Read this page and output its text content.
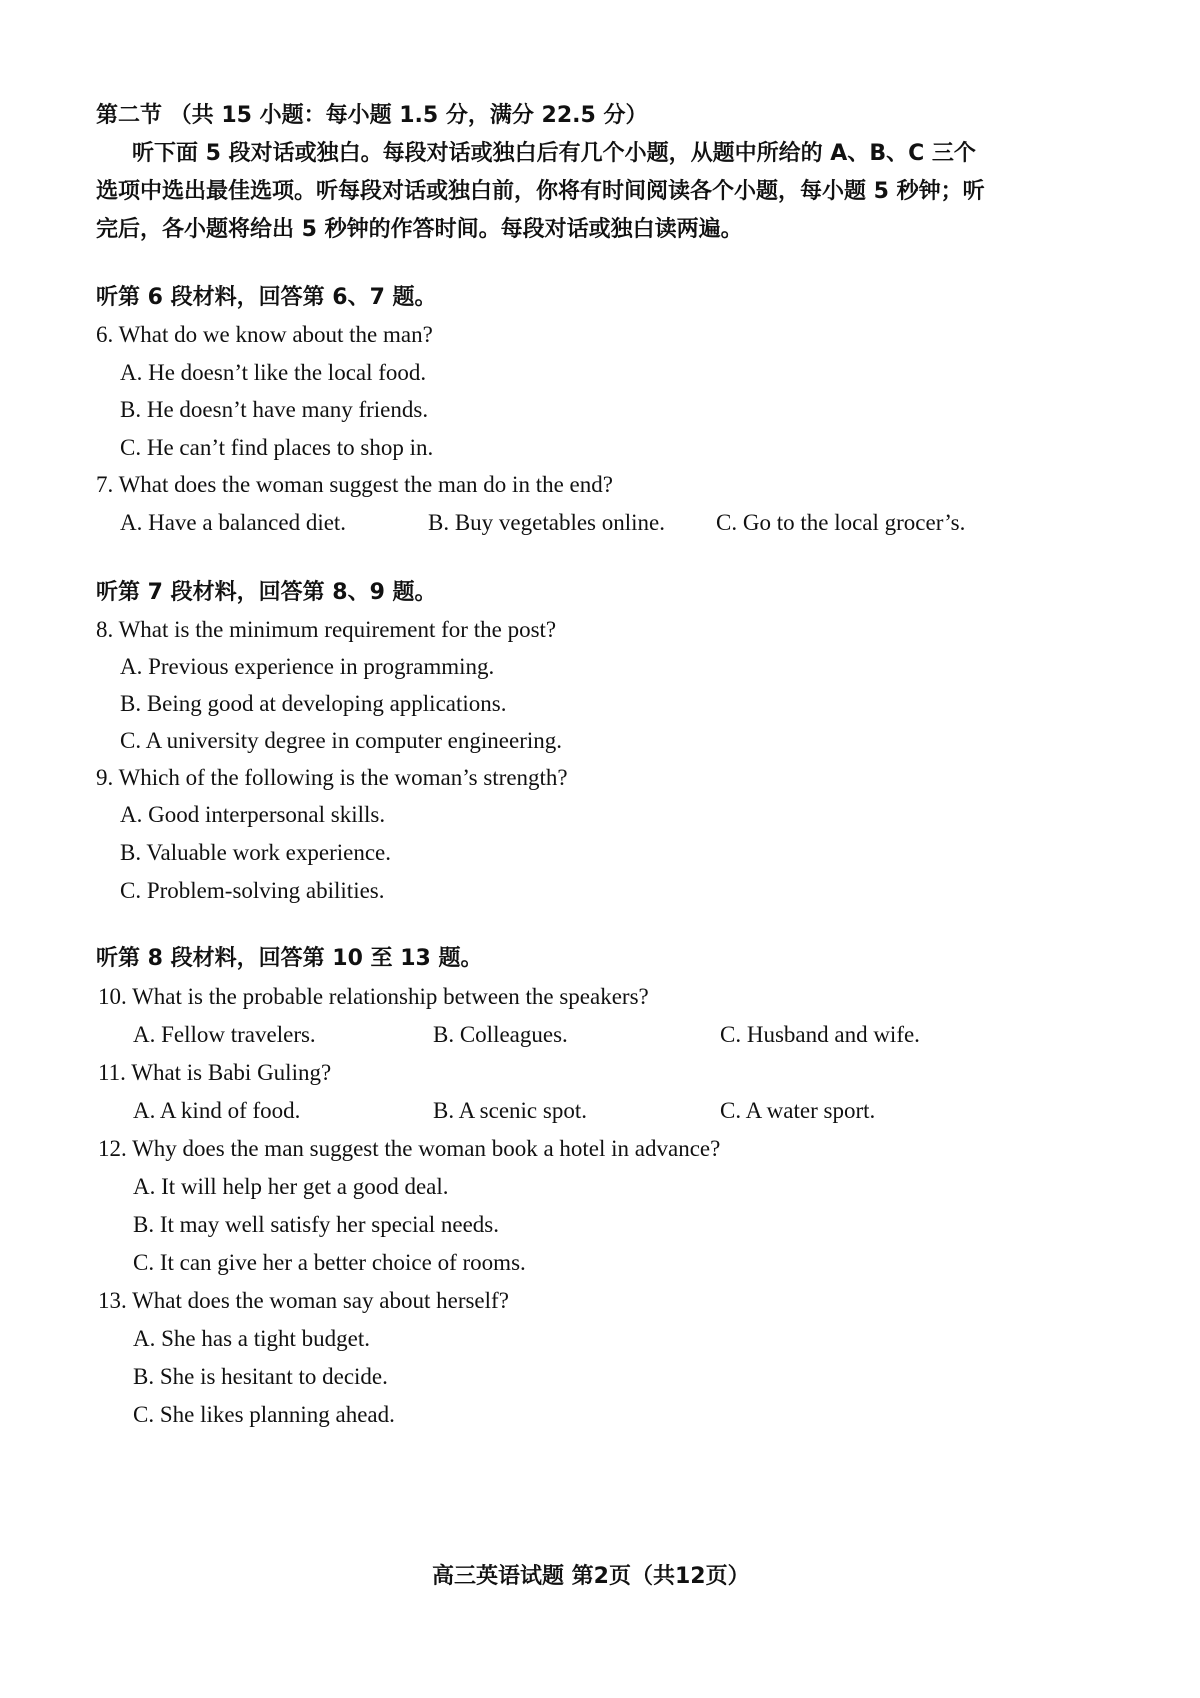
第二节 （共 15 小题：每小题 1.5 分，满分 22.5 分）
听下面 5 段对话或独白。每段对话或独白后有几个小题，从题中所给的 A、B、C 三个
选项中选出最佳选项。听每段对话或独白前，你将有时间阅读各个小题，每小题 5 秒钟；听
完后，各小题将给出 5 秒钟的作答时间。每段对话或独白读两遍。
听第 6 段材料，回答第 6、7 题。
6. What do we know about the man?
A. He doesn’t like the local food.
B. He doesn’t have many friends.
C. He can’t find places to shop in.
7. What does the woman suggest the man do in the end?
A. Have a balanced diet.	B. Buy vegetables online. C. Go to the local grocer’s.
听第 7 段材料，回答第 8、9 题。
8. What is the minimum requirement for the post?
A. Previous experience in programming.
B. Being good at developing applications.
C. A university degree in computer engineering.
9. Which of the following is the woman’s strength?
A. Good interpersonal skills.
B. Valuable work experience.
C. Problem-solving abilities.
听第 8 段材料，回答第 10 至 13 题。
10. What is the probable relationship between the speakers?
A. Fellow travelers.	B. Colleagues.	C. Husband and wife.
11. What is Babi Guling?
A. A kind of food.	B. A scenic spot.	C. A water sport.
12. Why does the man suggest the woman book a hotel in advance?
A. It will help her get a good deal.
B. It may well satisfy her special needs.
C. It can give her a better choice of rooms.
13. What does the woman say about herself?
A. She has a tight budget.
B. She is hesitant to decide.
C. She likes planning ahead.
高三英语试题 第2页（共12页）
